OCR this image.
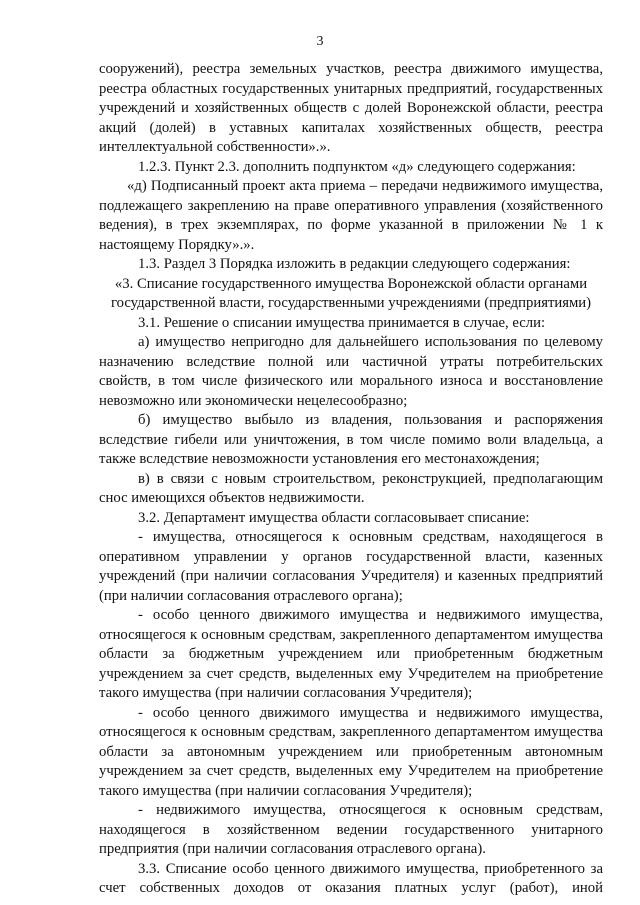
3

сооружений), реестра земельных участков, реестра движимого имущества, реестра областных государственных унитарных предприятий, государственных учреждений и хозяйственных обществ с долей Воронежской области, реестра акций (долей) в уставных капиталах хозяйственных обществ, реестра интеллектуальной собственности».».

1.2.3. Пункт 2.3. дополнить подпунктом «д» следующего содержания:

«д) Подписанный проект акта приема – передачи недвижимого имущества, подлежащего закреплению на праве оперативного управления (хозяйственного ведения), в трех экземплярах, по форме указанной в приложении № 1 к настоящему Порядку».».

1.3. Раздел 3 Порядка изложить в редакции следующего содержания:

«3. Списание государственного имущества Воронежской области органами государственной власти, государственными учреждениями (предприятиями)

3.1. Решение о списании имущества принимается в случае, если:

а) имущество непригодно для дальнейшего использования по целевому назначению вследствие полной или частичной утраты потребительских свойств, в том числе физического или морального износа и восстановление невозможно или экономически нецелесообразно;

б) имущество выбыло из владения, пользования и распоряжения вследствие гибели или уничтожения, в том числе помимо воли владельца, а также вследствие невозможности установления его местонахождения;

в) в связи с новым строительством, реконструкцией, предполагающим снос имеющихся объектов недвижимости.

3.2. Департамент имущества области согласовывает списание:

- имущества, относящегося к основным средствам, находящегося в оперативном управлении у органов государственной власти, казенных учреждений (при наличии согласования Учредителя) и казенных предприятий (при наличии согласования отраслевого органа);

- особо ценного движимого имущества и недвижимого имущества, относящегося к основным средствам, закрепленного департаментом имущества области за бюджетным учреждением или приобретенным бюджетным учреждением за счет средств, выделенных ему Учредителем на приобретение такого имущества (при наличии согласования Учредителя);

- особо ценного движимого имущества и недвижимого имущества, относящегося к основным средствам, закрепленного департаментом имущества области за автономным учреждением или приобретенным автономным учреждением за счет средств, выделенных ему Учредителем на приобретение такого имущества (при наличии согласования Учредителя);

- недвижимого имущества, относящегося к основным средствам, находящегося в хозяйственном ведении государственного унитарного предприятия (при наличии согласования отраслевого органа).

3.3. Списание особо ценного движимого имущества, приобретенного за счет собственных доходов от оказания платных услуг (работ), иной
